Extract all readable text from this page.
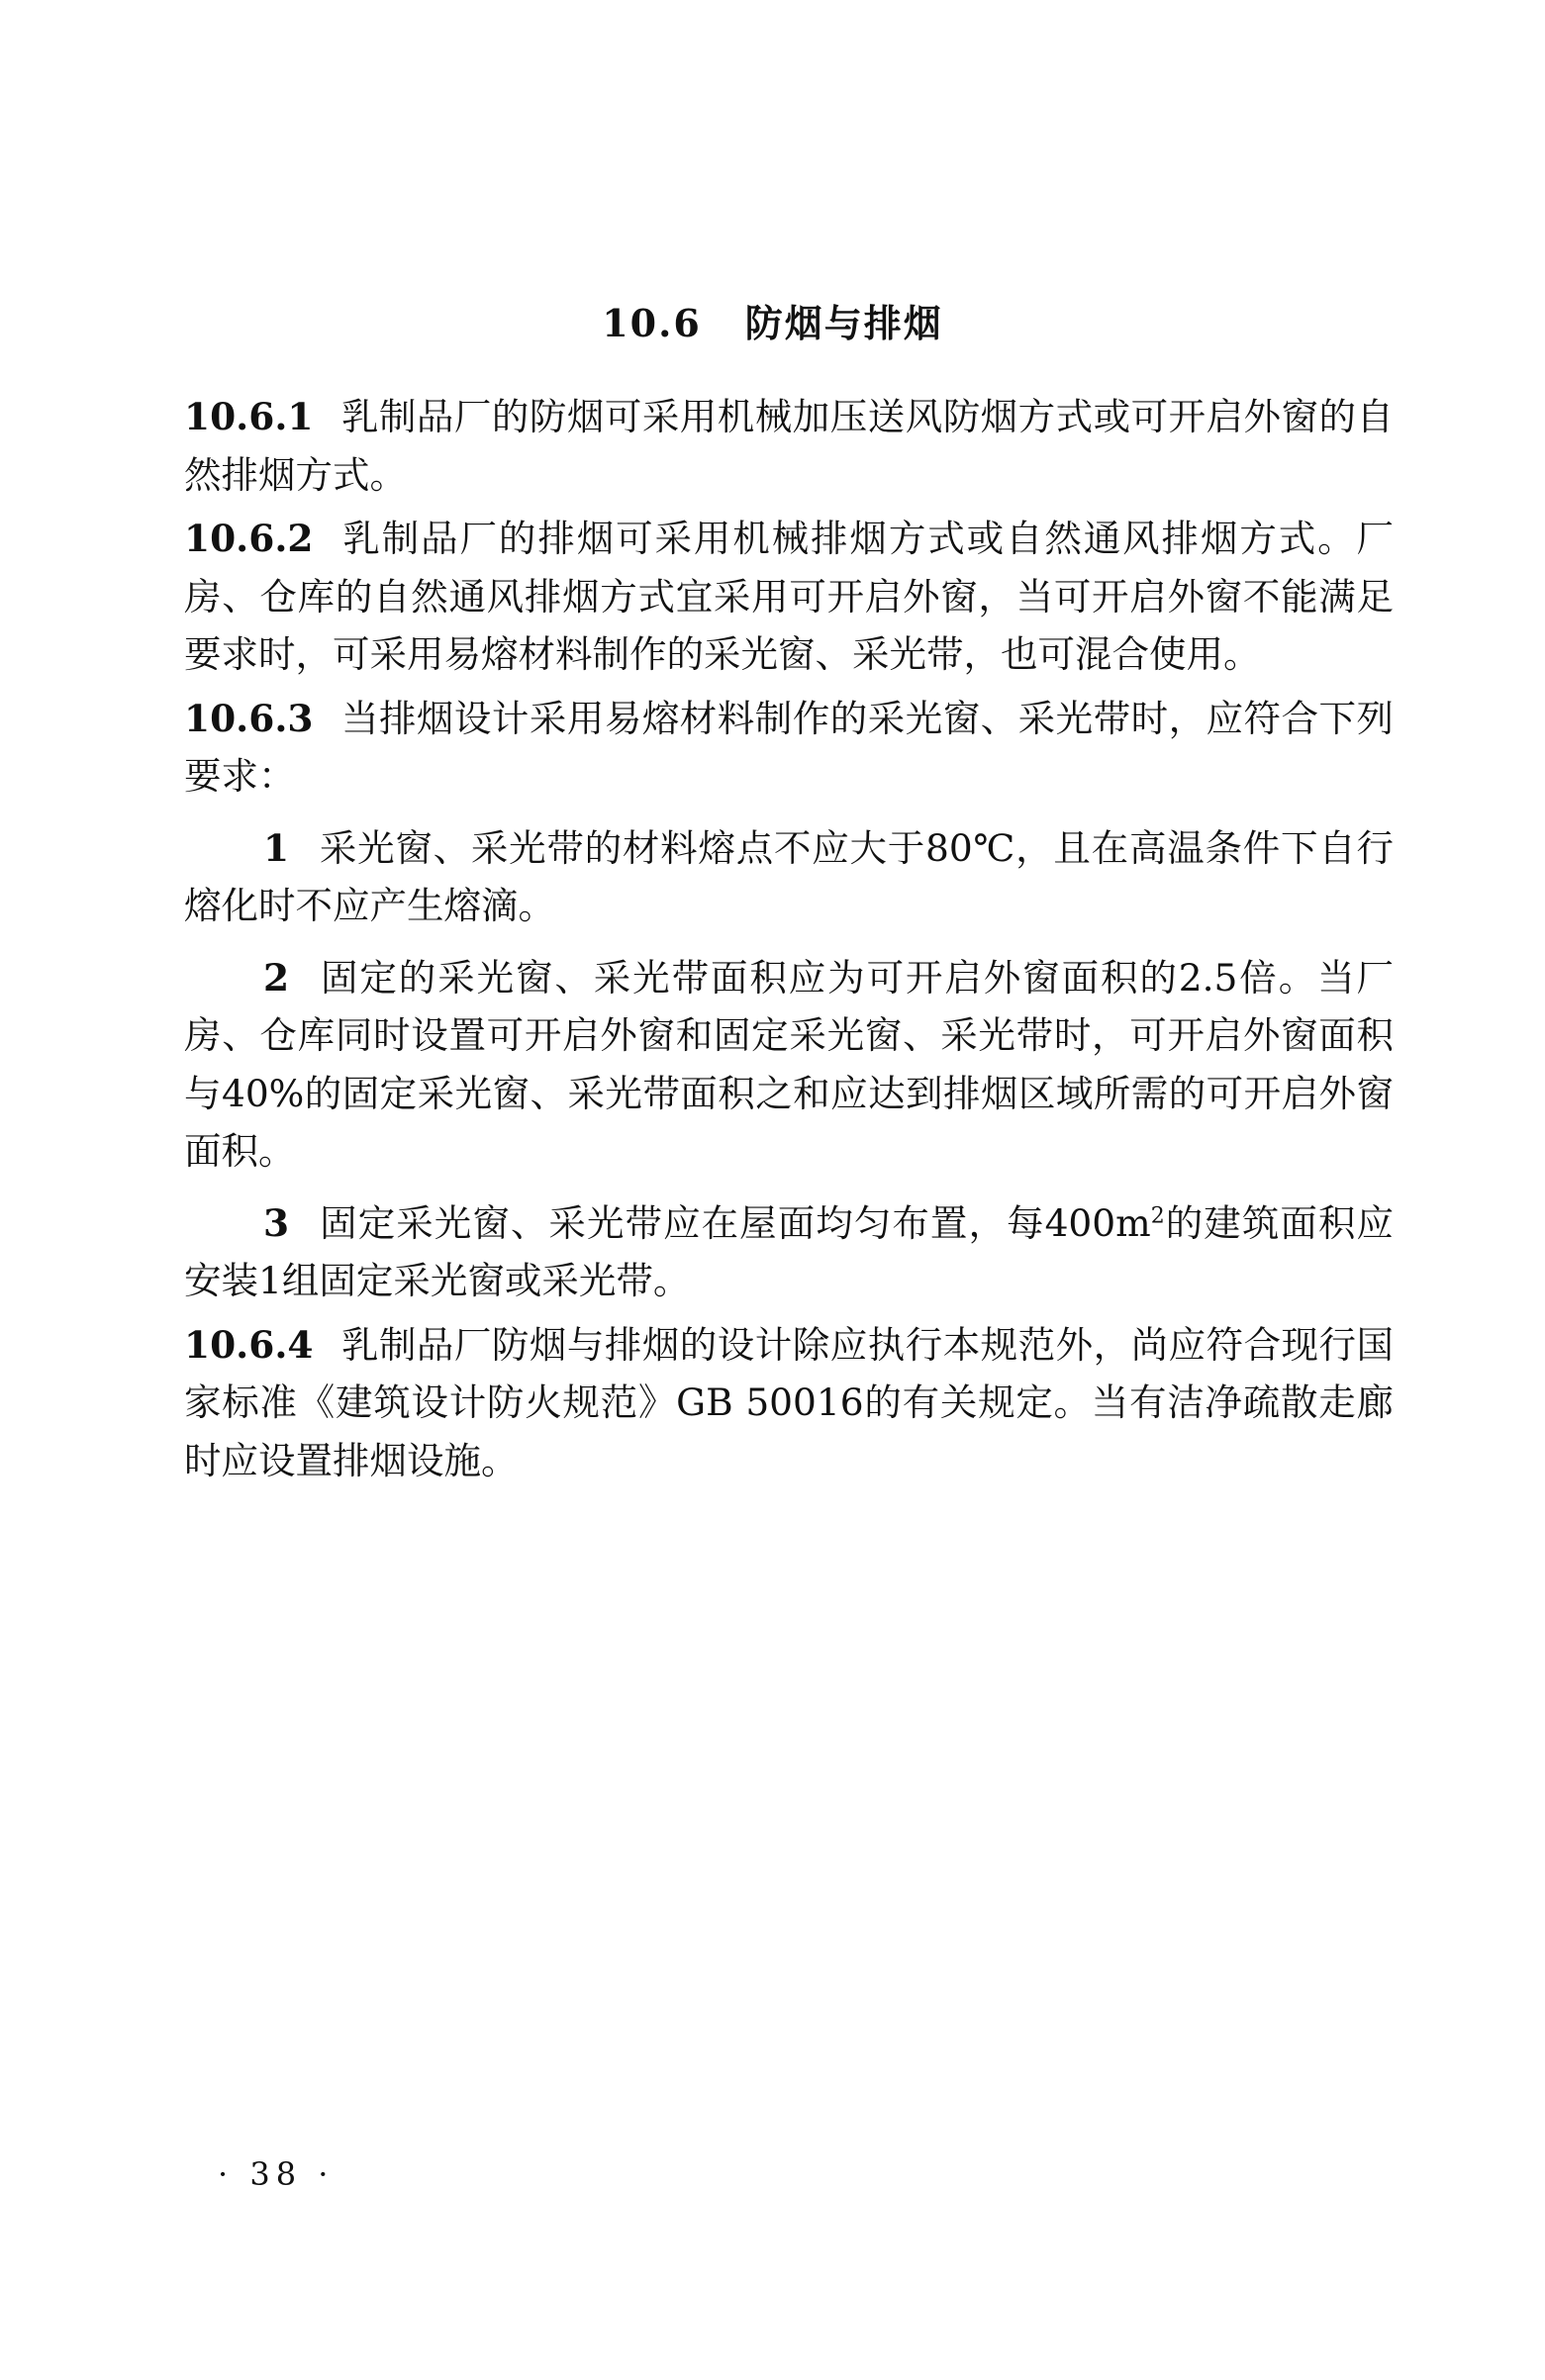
10.6 防烟与排烟

10.6.1 乳制品厂的防烟可采用机械加压送风防烟方式或可开启外窗的自然排烟方式。

10.6.2 乳制品厂的排烟可采用机械排烟方式或自然通风排烟方式。厂房、仓库的自然通风排烟方式宜采用可开启外窗，当可开启外窗不能满足要求时，可采用易熔材料制作的采光窗、采光带，也可混合使用。

10.6.3 当排烟设计采用易熔材料制作的采光窗、采光带时，应符合下列要求：

1 采光窗、采光带的材料熔点不应大于80℃，且在高温条件下自行熔化时不应产生熔滴。

2 固定的采光窗、采光带面积应为可开启外窗面积的2.5倍。当厂房、仓库同时设置可开启外窗和固定采光窗、采光带时，可开启外窗面积与40%的固定采光窗、采光带面积之和应达到排烟区域所需的可开启外窗面积。

3 固定采光窗、采光带应在屋面均匀布置，每$400m^2$的建筑面积应安装1组固定采光窗或采光带。

10.6.4 乳制品厂防烟与排烟的设计除应执行本规范外，尚应符合现行国家标准《建筑设计防火规范》GB 50016的有关规定。当有洁净疏散走廊时应设置排烟设施。

· 38 ·
